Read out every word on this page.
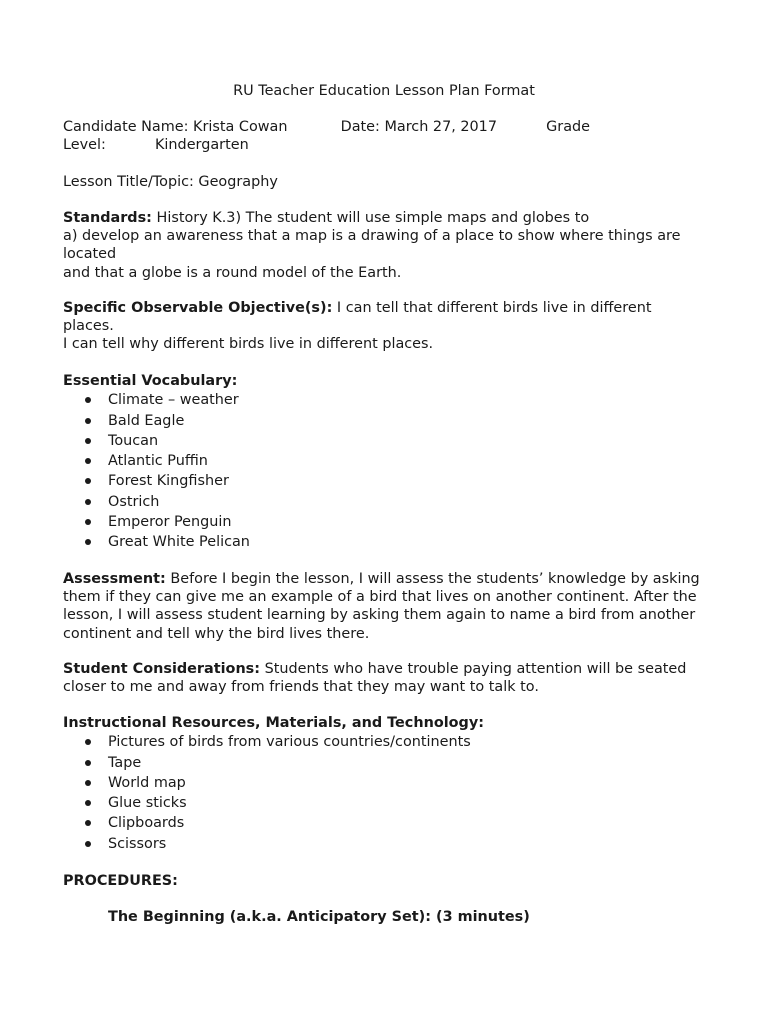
RU Teacher Education Lesson Plan Format
Candidate Name: Krista Cowan	Date: March 27, 2017	Grade
Level:	Kindergarten
Lesson Title/Topic: Geography
Standards: History K.3) The student will use simple maps and globes to
a) develop an awareness that a map is a drawing of a place to show where things are located
and that a globe is a round model of the Earth.
Specific Observable Objective(s): I can tell that different birds live in different places.
I can tell why different birds live in different places.
Essential Vocabulary:
Climate – weather
Bald Eagle
Toucan
Atlantic Puffin
Forest Kingfisher
Ostrich
Emperor Penguin
Great White Pelican
Assessment: Before I begin the lesson, I will assess the students’ knowledge by asking them if they can give me an example of a bird that lives on another continent. After the lesson, I will assess student learning by asking them again to name a bird from another continent and tell why the bird lives there.
Student Considerations: Students who have trouble paying attention will be seated closer to me and away from friends that they may want to talk to.
Instructional Resources, Materials, and Technology:
Pictures of birds from various countries/continents
Tape
World map
Glue sticks
Clipboards
Scissors
PROCEDURES:
The Beginning (a.k.a. Anticipatory Set): (3 minutes)
